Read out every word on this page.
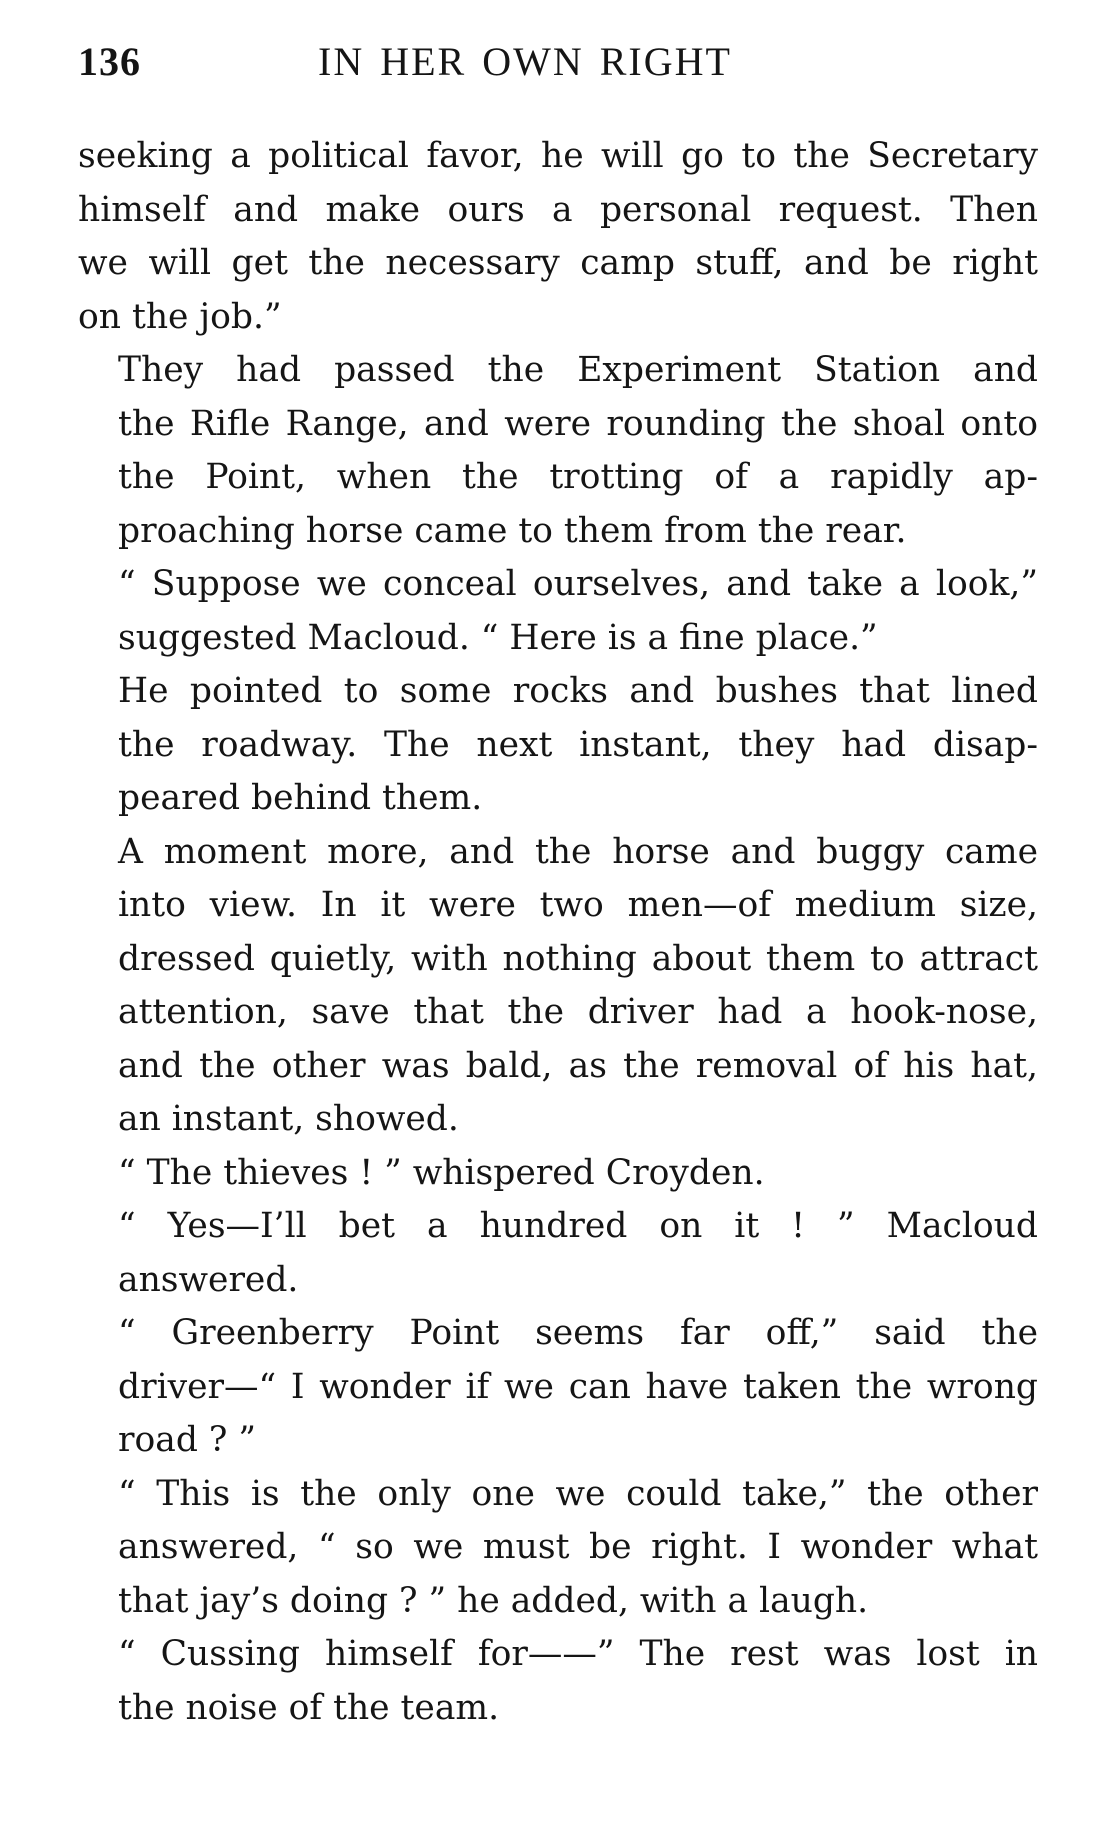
136	IN HER OWN RIGHT
seeking a political favor, he will go to the Secretary
himself and make ours a personal request. Then
we will get the necessary camp stuff, and be right
on the job.”
They had passed the Experiment Station and
the Rifle Range, and were rounding the shoal onto
the Point, when the trotting of a rapidly ap-
proaching horse came to them from the rear.
“ Suppose we conceal ourselves, and take a look,”
suggested Macloud. “ Here is a fine place.”
He pointed to some rocks and bushes that lined
the roadway. The next instant, they had disap-
peared behind them.
A moment more, and the horse and buggy came
into view. In it were two men—of medium size,
dressed quietly, with nothing about them to attract
attention, save that the driver had a hook-nose,
and the other was bald, as the removal of his hat,
an instant, showed.
“ The thieves ! ” whispered Croyden.
“ Yes—I’ll bet a hundred on it ! ” Macloud
answered.
“ Greenberry Point seems far off,” said the
driver—“ I wonder if we can have taken the wrong
road ? ”
“ This is the only one we could take,” the other
answered, “ so we must be right. I wonder what
that jay’s doing ? ” he added, with a laugh.
“ Cussing himself for——” The rest was lost in
the noise of the team.
